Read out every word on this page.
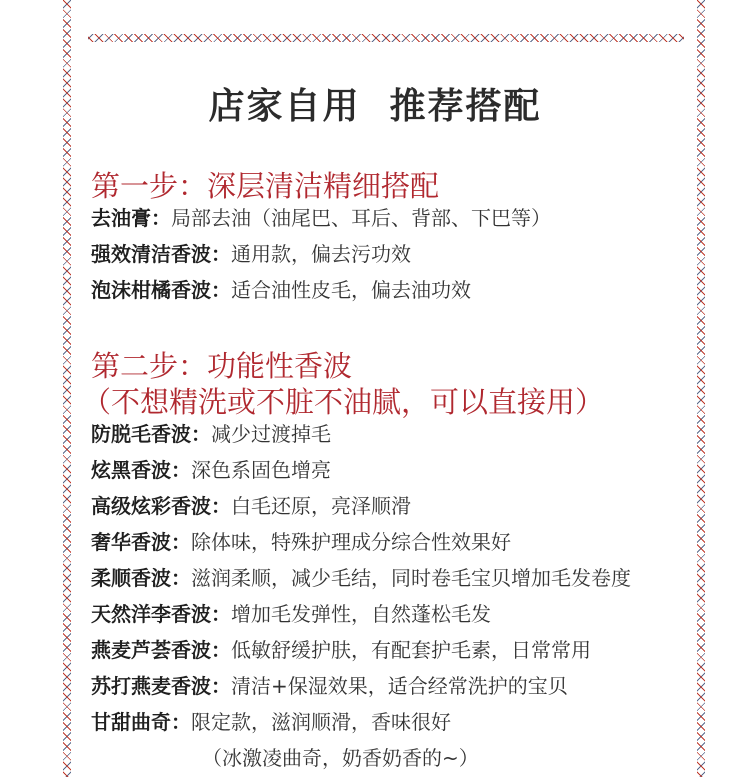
店家自用  推荐搭配
第一步：深层清洁精细搭配
去油膏：局部去油（油尾巴、耳后、背部、下巴等）
强效清洁香波：通用款，偏去污功效
泡沫柑橘香波：适合油性皮毛，偏去油功效
第二步：功能性香波
（不想精洗或不脏不油腻，可以直接用）
防脱毛香波：减少过渡掉毛
炫黑香波：深色系固色增亮
高级炫彩香波：白毛还原，亮泽顺滑
奢华香波：除体味，特殊护理成分综合性效果好
柔顺香波：滋润柔顺，减少毛结，同时卷毛宝贝增加毛发卷度
天然洋李香波：增加毛发弹性，自然蓬松毛发
燕麦芦荟香波：低敏舒缓护肤，有配套护毛素，日常常用
苏打燕麦香波：清洁+保湿效果，适合经常洗护的宝贝
甘甜曲奇：限定款，滋润顺滑，香味很好
（冰激凌曲奇，奶香奶香的~）
